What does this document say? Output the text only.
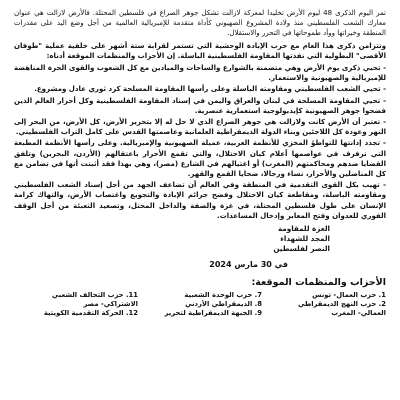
تمر اليوم الذكرى 48 ليوم الأرض تخليدا لمعركة لازالت تشكل جوهر الصراع في فلسطين المحتلة. فالأرض لازالت هي عنوان معارك الشعب الفلسطيني منذ ولادة المشروع الصهيوني كأداة متقدمة للإمبريالية العالمية من أجل وضع اليد على مقدرات المنطقة وخيراتها ووأد طموحاتها في التحرر والاستقلال.

وتتزامن ذكرى هذا العام مع حرب الإبادة الوحشية التي تستمر لقرابة ستة أشهر على خلفية عملية "طوفان الأقصى" البطولية التي نفذتها المقاومة الفلسطينية الباسلة. إن الأحزاب والمنظمات الموقعة أدناه:

- تحيي ذكرى يوم الأرض وهي متضمنة بالشوارع والساحات والميادين مع كل الشعوب والقوى الحرة المناهضة للإمبريالية والصهيونية والاستعمار.

- تحيي الشعب الفلسطيني ومقاومته الباسلة وعلى رأسها المقاومة المسلحة كرد ثوري عادل ومشروع.

- تحيي المقاومة المسلحة في لبنان والعراق واليمن في إسناد المقاومة الفلسطينية وكل أحرار العالم الذين فضحوا جوهر الصهيونية كإيديولوجية استعمارية عنصرية.

- تعتبر أن الأرض كانت ولازالت هي جوهر الصراع الذي لا حل له إلا بتحرير الأرض، كل الأرض، من البحر إلى النهر وعودة كل اللاجئين وبناء الدولة الديمقراطية العلمانية وعاصمتها القدس على كامل التراب الفلسطيني.

- تجدد إدانتها للتواطؤ المخزي للأنظمة العربية، عميلة الصهيونية والإمبريالية. وعلى رأسها الأنظمة المطبعة التي ترفرف في عواصمها أعلام كيان الاحتلال، والتي تقمع الأحرار باعتقالهم (الأردن، البحرين) وتلفق القضايا ضدهم ومحاكمتهم (المغرب) أو اغتيالهم في الشارع (مصر)، وهي بهذا فقد أثبتت أنها في تضامن مع كل المناضلين والأحرار، نساء ورجالا، ضحايا القمع والقهر.

- تهيب بكل القوى التقدمية في المنطقة وفي العالم أن تضاعف الجهد من أجل إسناد الشعب الفلسطيني ومقاومته الباسلة، ومقاطعة كيان الاحتلال وفضح جرائم الإبادة والتجويع واغتصاب الأرض، والتهاك كرامة الإنسان على طول فلسطين المحتلة، في غزة والضفة والداخل المحتل، وتصعيد التعبئة من أجل الوقف الفوري للعدوان وفتح المعابر وإدخال المساعدات.

العزة للمقاومة
المجد للشهداء
النصر لفلسطين
في 30 مارس 2024
الأحزاب والمنظمات الموقعة:
1. حزب العمال- تونس
7. حزب الوحدة الشعبية
11. حزب التحالف الشعبي
2. حزب النهج الديمقراطي
8. الديمقراطي الأردني
الاشتراكي- مصر
العمالي- المغرب
9. الجبهة الديمقراطية لتحرير
12. الحركة التقدمية الكويتية
